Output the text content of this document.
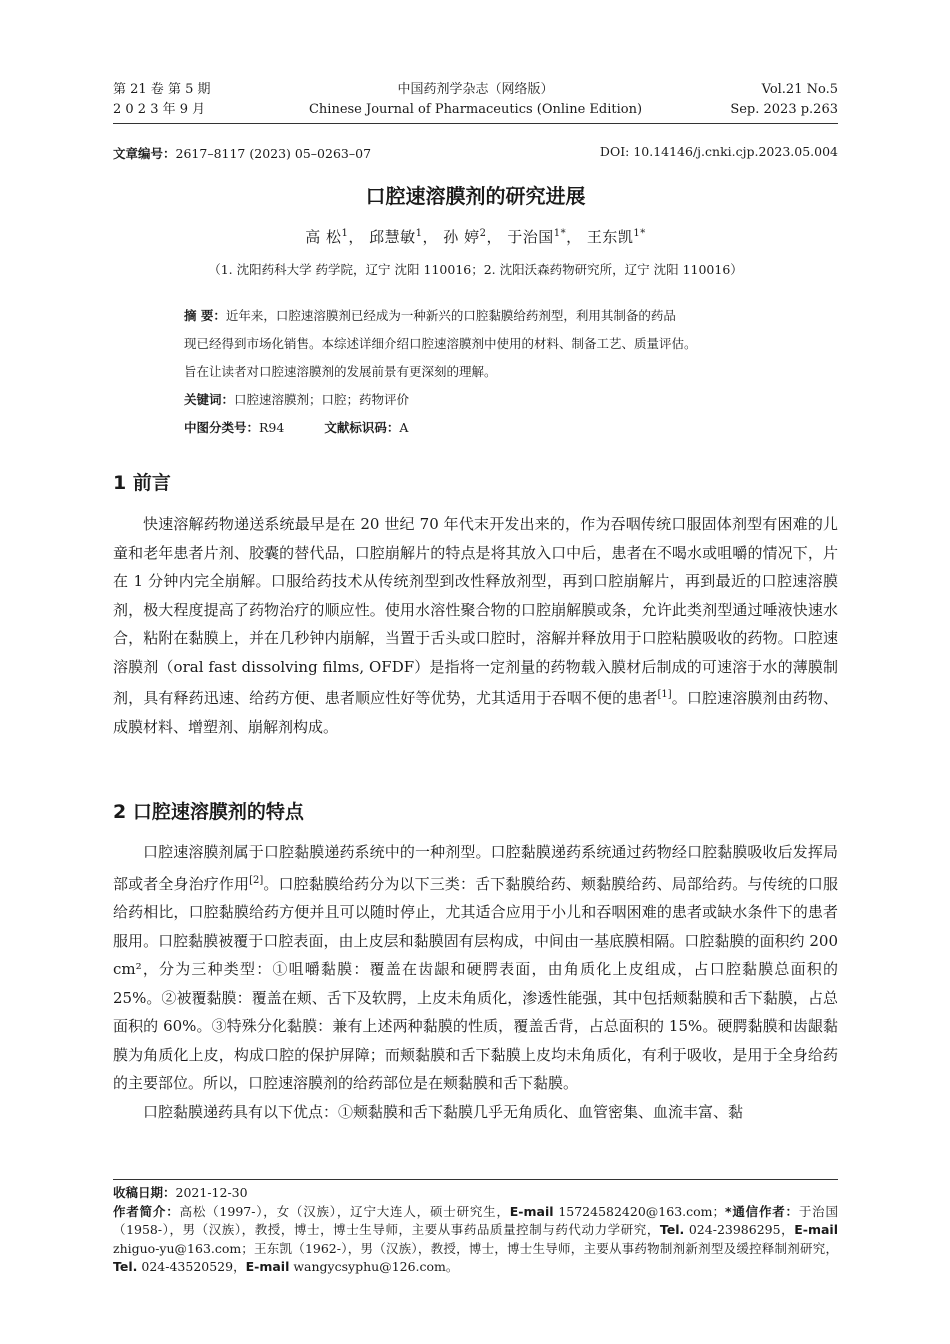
第 21 卷 第 5 期
2 0 2 3 年 9 月
中国药剂学杂志（网络版）
Chinese Journal of Pharmaceutics (Online Edition)
Vol.21 No.5
Sep. 2023 p.263
文章编号：2617–8117 (2023) 05–0263–07	DOI: 10.14146/j.cnki.cjp.2023.05.004
口腔速溶膜剂的研究进展
高 松$^1$， 邱慧敏$^1$， 孙 婷$^2$， 于治国$^{1*}$， 王东凯$^{1*}$
（1. 沈阳药科大学 药学院，辽宁 沈阳 110016；2. 沈阳沃森药物研究所，辽宁 沈阳 110016）
摘 要：近年来，口腔速溶膜剂已经成为一种新兴的口腔黏膜给药剂型，利用其制备的药品
现已经得到市场化销售。本综述详细介绍口腔速溶膜剂中使用的材料、制备工艺、质量评估。
旨在让读者对口腔速溶膜剂的发展前景有更深刻的理解。
关键词：口腔速溶膜剂；口腔；药物评价
中图分类号：R94	文献标识码：A
1 前言

快速溶解药物递送系统最早是在 20 世纪 70 年代末开发出来的，作为吞咽传统口服固体剂型有困难的儿童和老年患者片剂、胶囊的替代品，口腔崩解片的特点是将其放入口中后，患者在不喝水或咀嚼的情况下，片在 1 分钟内完全崩解。口服给药技术从传统剂型到改性释放剂型，再到口腔崩解片，再到最近的口腔速溶膜剂，极大程度提高了药物治疗的顺应性。使用水溶性聚合物的口腔崩解膜或条，允许此类剂型通过唾液快速水合，粘附在黏膜上，并在几秒钟内崩解，当置于舌头或口腔时，溶解并释放用于口腔粘膜吸收的药物。口腔速溶膜剂（oral fast dissolving films, OFDF）是指将一定剂量的药物载入膜材后制成的可速溶于水的薄膜制剂，具有释药迅速、给药方便、患者顺应性好等优势，尤其适用于吞咽不便的患者[1]。口腔速溶膜剂由药物、成膜材料、增塑剂、崩解剂构成。

2 口腔速溶膜剂的特点

口腔速溶膜剂属于口腔黏膜递药系统中的一种剂型。口腔黏膜递药系统通过药物经口腔黏膜吸收后发挥局部或者全身治疗作用[2]。口腔黏膜给药分为以下三类：舌下黏膜给药、颊黏膜给药、局部给药。与传统的口服给药相比，口腔黏膜给药方便并且可以随时停止，尤其适合应用于小儿和吞咽困难的患者或缺水条件下的患者服用。口腔黏膜被覆于口腔表面，由上皮层和黏膜固有层构成，中间由一基底膜相隔。口腔黏膜的面积约 200 cm²，分为三种类型：①咀嚼黏膜：覆盖在齿龈和硬腭表面，由角质化上皮组成，占口腔黏膜总面积的 25%。②被覆黏膜：覆盖在颊、舌下及软腭，上皮未角质化，渗透性能强，其中包括颊黏膜和舌下黏膜，占总面积的 60%。③特殊分化黏膜：兼有上述两种黏膜的性质，覆盖舌背，占总面积的 15%。硬腭黏膜和齿龈黏膜为角质化上皮，构成口腔的保护屏障；而颊黏膜和舌下黏膜上皮均未角质化，有利于吸收，是用于全身给药的主要部位。所以，口腔速溶膜剂的给药部位是在颊黏膜和舌下黏膜。

口腔黏膜递药具有以下优点：①颊黏膜和舌下黏膜几乎无角质化、血管密集、血流丰富、黏

收稿日期：2021-12-30
作者简介：高松（1997-），女（汉族），辽宁大连人，硕士研究生，E-mail 15724582420@163.com；*通信作者：于治国（1958-），男（汉族），教授，博士，博士生导师，主要从事药品质量控制与药代动力学研究，Tel. 024-23986295，E-mail zhiguo-yu@163.com；王东凯（1962-），男（汉族），教授，博士，博士生导师，主要从事药物制剂新剂型及缓控释制剂研究，Tel. 024-43520529，E-mail wangycsyphu@126.com。
